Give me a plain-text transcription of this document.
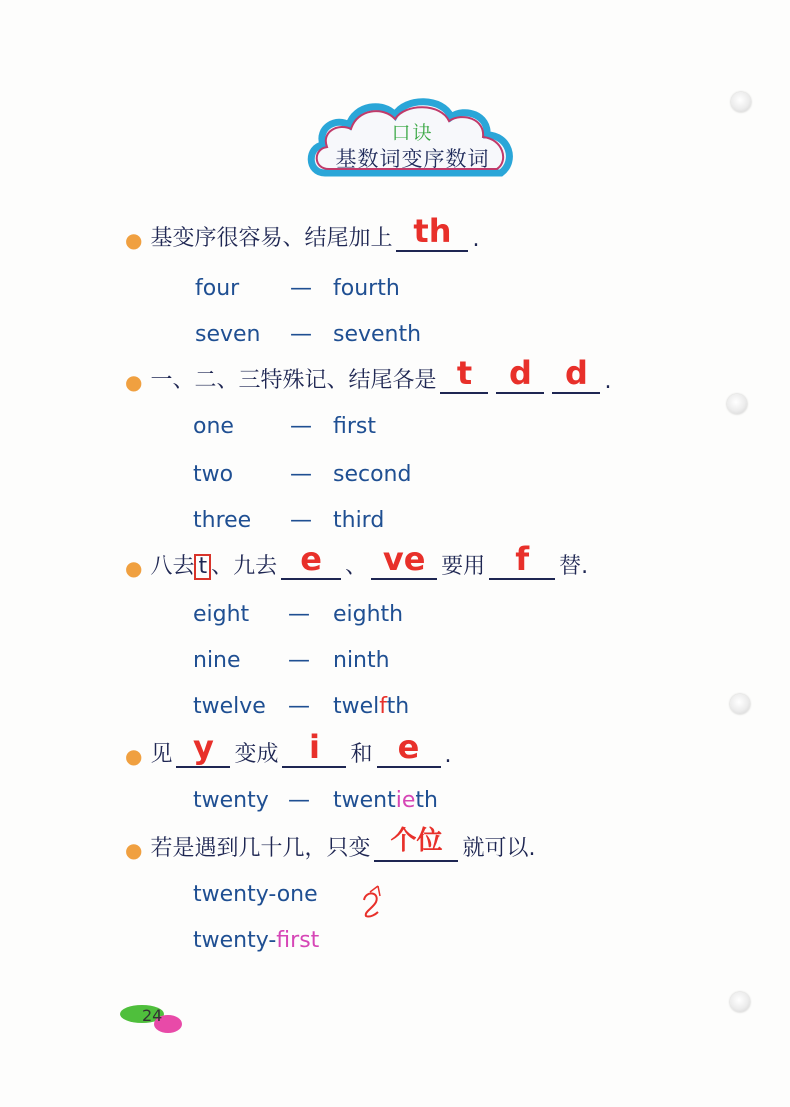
口诀
基数词变序数词
● 基变序很容易、结尾加上 th .
four — fourth
seven — seventh
● 一、二、三特殊记、结尾各是 t	d	d .
one	— first
two	— second
three — third
● 八去 t 、九去 e	、 ve 要用 f	替.
eight — eighth
nine — ninth
twelve — twelfth
● 见 y 变成 i	和 e	.
twenty — twentieth
● 若是遇到几十几，只变 个位 就可以.
twenty-one
twenty-first
24
